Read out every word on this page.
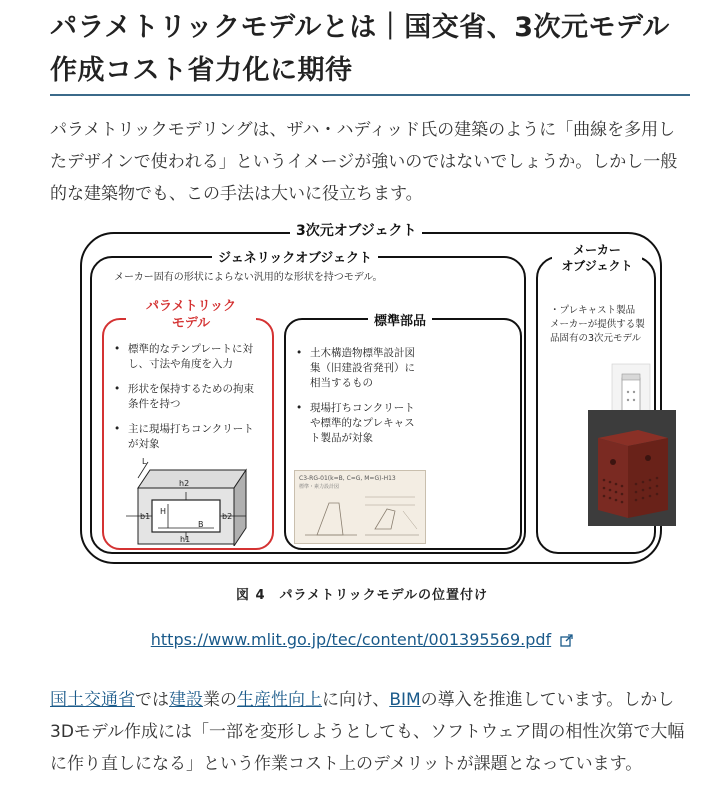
パラメトリックモデルとは｜国交省、3次元モデル作成コスト省力化に期待

パラメトリックモデリングは、ザハ・ハディッド氏の建築のように「曲線を多用したデザインで使われる」というイメージが強いのではないでしょうか。しかし一般的な建築物でも、この手法は大いに役立ちます。

3次元オブジェクト
ジェネリックオブジェクト
メーカー固有の形状によらない汎用的な形状を持つモデル。
パラメトリック
モデル
• 標準的なテンプレートに対し、寸法や角度を入力
• 形状を保持するための拘束条件を持つ
• 主に現場打ちコンクリートが対象
L
h2
H
b1	b2
B
h1
標準部品
• 土木構造物標準設計図集（旧建設省発刊）に相当するもの
• 現場打ちコンクリートや標準的なプレキャスト製品が対象
C3-RG-01(k=B, C=G, M=G)-H13
標準・素力設計図
メーカー
オブジェクト
・プレキャスト製品　メーカーが提供する製品固有の3次元モデル
図 4　パラメトリックモデルの位置付け
https://www.mlit.go.jp/tec/content/001395569.pdf

国土交通省では建設業の生産性向上に向け、BIMの導入を推進しています。しかし3Dモデル作成には「一部を変形しようとしても、ソフトウェア間の相性次第で大幅に作り直しになる」という作業コスト上のデメリットが課題となっています。
